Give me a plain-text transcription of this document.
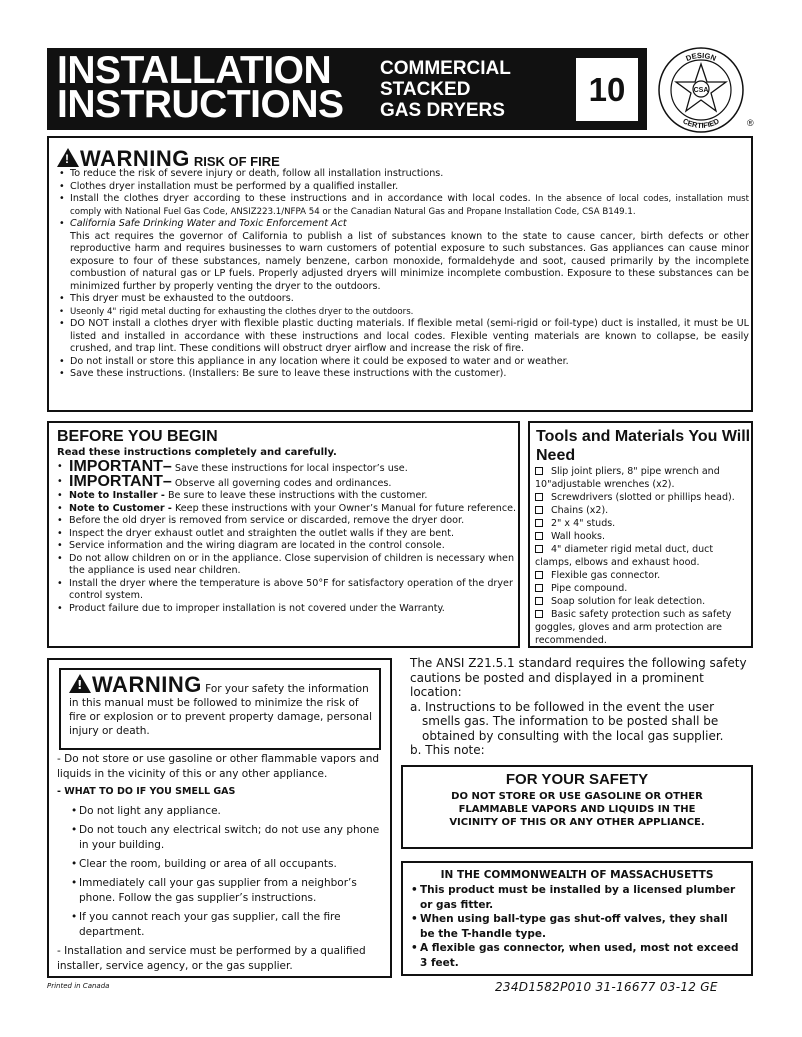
INSTALLATION
INSTRUCTIONS
COMMERCIAL
STACKED
GAS DRYERS
10
DESIGN
CERTIFIED
CSA
®
!WARNING RISK OF FIRE
• To reduce the risk of severe injury or death, follow all installation instructions.
• Clothes dryer installation must be performed by a qualified installer.
• Install the clothes dryer according to these instructions and in accordance with local codes. In the absence of local codes, installation must comply with National Fuel Gas Code, ANSIZ223.1/NFPA 54 or the Canadian Natural Gas and Propane Installation Code, CSA B149.1.
• California Safe Drinking Water and Toxic Enforcement Act
This act requires the governor of California to publish a list of substances known to the state to cause cancer, birth defects or other reproductive harm and requires businesses to warn customers of potential exposure to such substances. Gas appliances can cause minor exposure to four of these substances, namely benzene, carbon monoxide, formaldehyde and soot, caused primarily by the incomplete combustion of natural gas or LP fuels. Properly adjusted dryers will minimize incomplete combustion. Exposure to these substances can be minimized further by properly venting the dryer to the outdoors.
• This dryer must be exhausted to the outdoors.
• Useonly 4" rigid metal ducting for exhausting the clothes dryer to the outdoors.
• DO NOT install a clothes dryer with flexible plastic ducting materials. If flexible metal (semi-rigid or foil-type) duct is installed, it must be UL listed and installed in accordance with these instructions and local codes. Flexible venting materials are known to collapse, be easily crushed, and trap lint. These conditions will obstruct dryer airflow and increase the risk of fire.
• Do not install or store this appliance in any location where it could be exposed to water and or weather.
• Save these instructions. (Installers: Be sure to leave these instructions with the customer).
BEFORE YOU BEGIN
Read these instructions completely and carefully.
• IMPORTANT– Save these instructions for local inspector’s use.
• IMPORTANT– Observe all governing codes and ordinances.
• Note to Installer - Be sure to leave these instructions with the customer.
• Note to Customer - Keep these instructions with your Owner’s Manual for future reference.
• Before the old dryer is removed from service or discarded, remove the dryer door.
• Inspect the dryer exhaust outlet and straighten the outlet walls if they are bent.
• Service information and the wiring diagram are located in the control console.
• Do not allow children on or in the appliance. Close supervision of children is necessary when the appliance is used near children.
• Install the dryer where the temperature is above 50°F for satisfactory operation of the dryer control system.
• Product failure due to improper installation is not covered under the Warranty.
Tools and Materials You Will Need
Slip joint pliers, 8" pipe wrench and 10"adjustable wrenches (x2).
Screwdrivers (slotted or phillips head).
Chains (x2).
2" x 4" studs.
Wall hooks.
4" diameter rigid metal duct, duct clamps, elbows and exhaust hood.
Flexible gas connector.
Pipe compound.
Soap solution for leak detection.
Basic safety protection such as safety goggles, gloves and arm protection are recommended.
!WARNING For your safety the information in this manual must be followed to minimize the risk of fire or explosion or to prevent property damage, personal injury or death.
- Do not store or use gasoline or other flammable vapors and liquids in the vicinity of this or any other appliance.
- WHAT TO DO IF YOU SMELL GAS
• Do not light any appliance.
• Do not touch any electrical switch; do not use any phone in your building.
• Clear the room, building or area of all occupants.
• Immediately call your gas supplier from a neighbor’s phone. Follow the gas supplier’s instructions.
• If you cannot reach your gas supplier, call the fire department.
- Installation and service must be performed by a qualified installer, service agency, or the gas supplier.
The ANSI Z21.5.1 standard requires the following safety cautions be posted and displayed in a prominent location:
a. Instructions to be followed in the event the user smells gas. The information to be posted shall be obtained by consulting with the local gas supplier.
b. This note:
FOR YOUR SAFETY
DO NOT STORE OR USE GASOLINE OR OTHER FLAMMABLE VAPORS AND LIQUIDS IN THE VICINITY OF THIS OR ANY OTHER APPLIANCE.
IN THE COMMONWEALTH OF MASSACHUSETTS
• This product must be installed by a licensed plumber or gas fitter.
• When using ball-type gas shut-off valves, they shall be the T-handle type.
• A flexible gas connector, when used, most not exceed 3 feet.
Printed in Canada	234D1582P010 31-16677 03-12 GE
